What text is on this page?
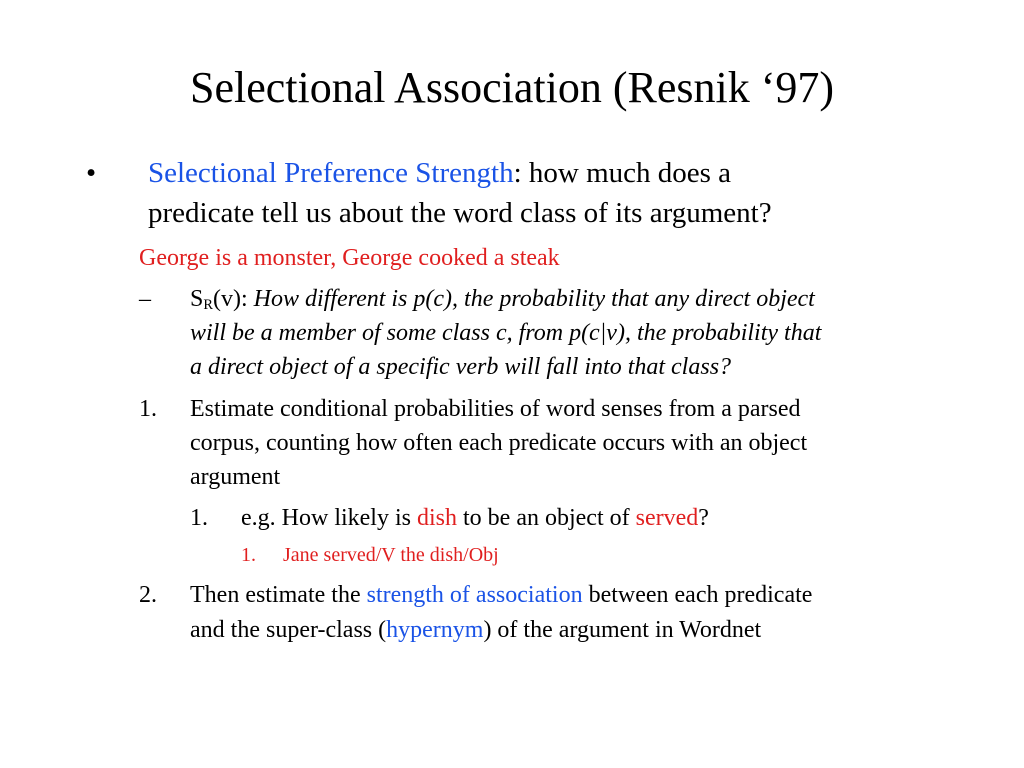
Selectional Association (Resnik ‘97)
• Selectional Preference Strength: how much does a
predicate tell us about the word class of its argument?
George is a monster, George cooked a steak
– $S_R(v)$: How different is p(c), the probability that any direct object
will be a member of some class c, from p(c|v), the probability that
a direct object of a specific verb will fall into that class?
1. Estimate conditional probabilities of word senses from a parsed
corpus, counting how often each predicate occurs with an object
argument
1. e.g. How likely is dish to be an object of served?
1. Jane served/V the dish/Obj
2. Then estimate the strength of association between each predicate
and the super-class (hypernym) of the argument in Wordnet
